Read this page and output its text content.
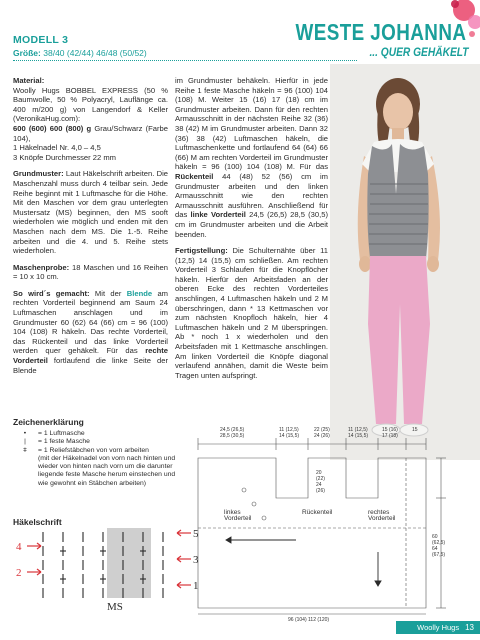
MODELL 3
Größe: 38/40 (42/44) 46/48 (50/52)
WESTE JOHANNA
... QUER GEHÄKELT

Material:
Woolly Hugs BOBBEL EXPRESS (50 % Baumwolle, 50 % Polyacryl, Lauflänge ca. 400 m/200 g) von Langendorf & Keller (VeronikaHug.com):
600 (600) 600 (800) g Grau/Schwarz (Farbe 104),
1 Häkelnadel Nr. 4,0 – 4,5
3 Knöpfe Durchmesser 22 mm

Grundmuster: Laut Häkelschrift arbeiten. Die Maschenzahl muss durch 4 teilbar sein. Jede Reihe beginnt mit 1 Luftmasche für die Höhe. Mit den Maschen vor dem grau unterlegten Mustersatz (MS) beginnen, den MS sooft wiederholen wie möglich und enden mit den Maschen nach dem MS. Die 1.-5. Reihe arbeiten und die 4. und 5. Reihe stets wiederholen.

Maschenprobe: 18 Maschen und 16 Reihen = 10 x 10 cm.

So wird´s gemacht: Mit der Blende am rechten Vorderteil beginnend am Saum 24 Luftmaschen anschlagen und im Grundmuster 60 (62) 64 (66) cm = 96 (100) 104 (108) R häkeln. Das rechte Vorderteil, das Rückenteil und das linke Vorderteil werden quer gehäkelt. Für das rechte Vorderteil fortlaufend die linke Seite der Blende

im Grundmuster behäkeln. Hierfür in jede Reihe 1 feste Masche häkeln = 96 (100) 104 (108) M. Weiter 15 (16) 17 (18) cm im Grundmuster arbeiten. Dann für den rechten Armausschnitt in der nächsten Reihe 32 (36) 38 (42) M im Grundmuster arbeiten. Dann 32 (36) 38 (42) Luftmaschen häkeln, die Luftmaschenkette und fortlaufend 64 (64) 66 (66) M am rechten Vorderteil im Grundmuster häkeln = 96 (100) 104 (108) M. Für das Rückenteil 44 (48) 52 (56) cm im Grundmuster arbeiten und den linken Armausschnitt wie den rechten Armausschnitt ausführen. Anschließend für das linke Vorderteil 24,5 (26,5) 28,5 (30,5) cm im Grundmuster arbeiten und die Arbeit beenden.

Fertigstellung: Die Schulternähte über 11 (12,5) 14 (15,5) cm schließen. Am rechten Vorderteil 3 Schlaufen für die Knopflöcher häkeln. Hierfür den Arbeitsfaden an der oberen Ecke des rechten Vorderteiles anschlingen, 4 Luftmaschen häkeln und 2 M überschringen, dann * 13 Kettmaschen vor zum nächsten Knopfloch häkeln, hier 4 Luftmaschen häkeln und 2 M überspringen. Ab * noch 1 x wiederholen und den Arbeitsfaden mit 1 Kettmasche anschlingen. Am linken Vorderteil die Knöpfe diagonal verlaufend annähen, damit die Weste beim Tragen unten aufspringt.

Zeichenerklärung
•	= 1 Luftmasche
|	= 1 feste Masche
ǂ	= 1 Reliefstäbchen von vorn arbeiten
(mit der Häkelnadel von vorn nach hinten und wieder von hinten nach vorn um die darunter liegende feste Masche herum einstechen und wie gewohnt ein Stäbchen arbeiten)
Häkelschrift
4
2
5
3
1
MS
24,5 (26,5) 28,5 (30,5)
11 (12,5) 14 (15,5)
22 (25) 24 (26)
11 (12,5) 14 (15,5)
15 (16) 17 (18)
15
20 (22) 24 (26)
60 (62,5) 64 (67,5)
linkes Vorderteil
Rückenteil	rechtes Vorderteil
96 (104) 112 (120)
Woolly Hugs 13
